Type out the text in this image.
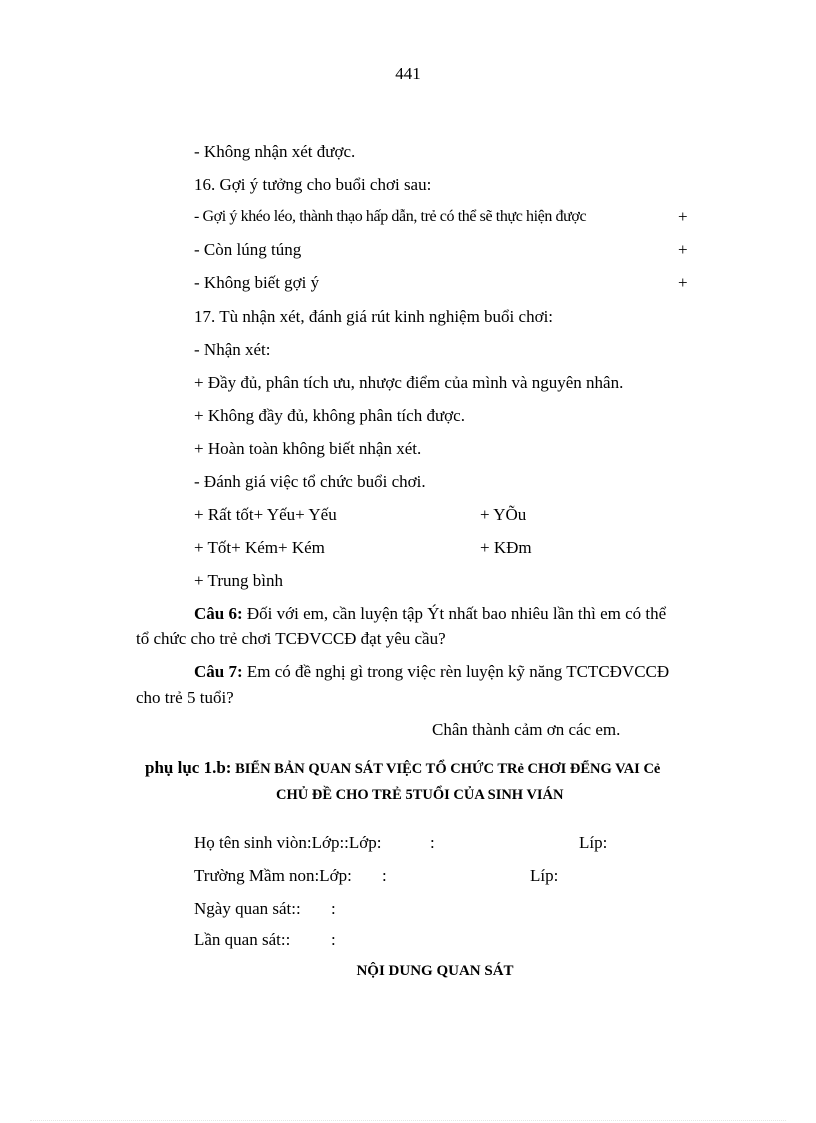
441
- Không nhận xét được.
16. Gợi ý tưởng cho buổi chơi sau:
- Gợi ý khéo léo, thành thạo hấp dẫn, trẻ có thể sẽ thực hiện được	+
- Còn lúng túng	+
- Không biết gợi ý	+
17. Tù nhận xét, đánh giá rút kinh nghiệm buổi chơi:
- Nhận xét:
+ Đầy đủ, phân tích ưu, nhược điểm của mình và nguyên nhân.
+ Không đầy đủ, không phân tích được.
+ Hoàn toàn không biết nhận xét.
- Đánh giá việc tổ chức buổi chơi.
+ Rất tốt+ Yếu+ Yếu	+ YÕu
+ Tốt+ Kém+ Kém	+ KÐm
+ Trung bình
Câu 6: Đối với em, cần luyện tập Ýt nhất bao nhiêu lần thì em có thể
tổ chức cho trẻ chơi TCĐVCCĐ đạt yêu cầu?
Câu 7: Em có đề nghị gì trong việc rèn luyện kỹ năng TCTCĐVCCĐ
cho trẻ 5 tuổi?
Chân thành cảm ơn các em.
phụ lục 1.b: BIỂN BẢN QUAN SÁT VIỆC TỔ CHỨC TRẻ CHƠI ĐỂNG VAI Cẻ
CHỦ ĐỀ CHO TRẺ 5TUỔI CỦA SINH VIÁN
Họ tên sinh viòn:Lớp::Lớp:	:	Líp:
Trường Mầm non:Lớp: :	Líp:
Ngày quan sát:: :
Lần quan sát:: :
NỘI DUNG QUAN SÁT
